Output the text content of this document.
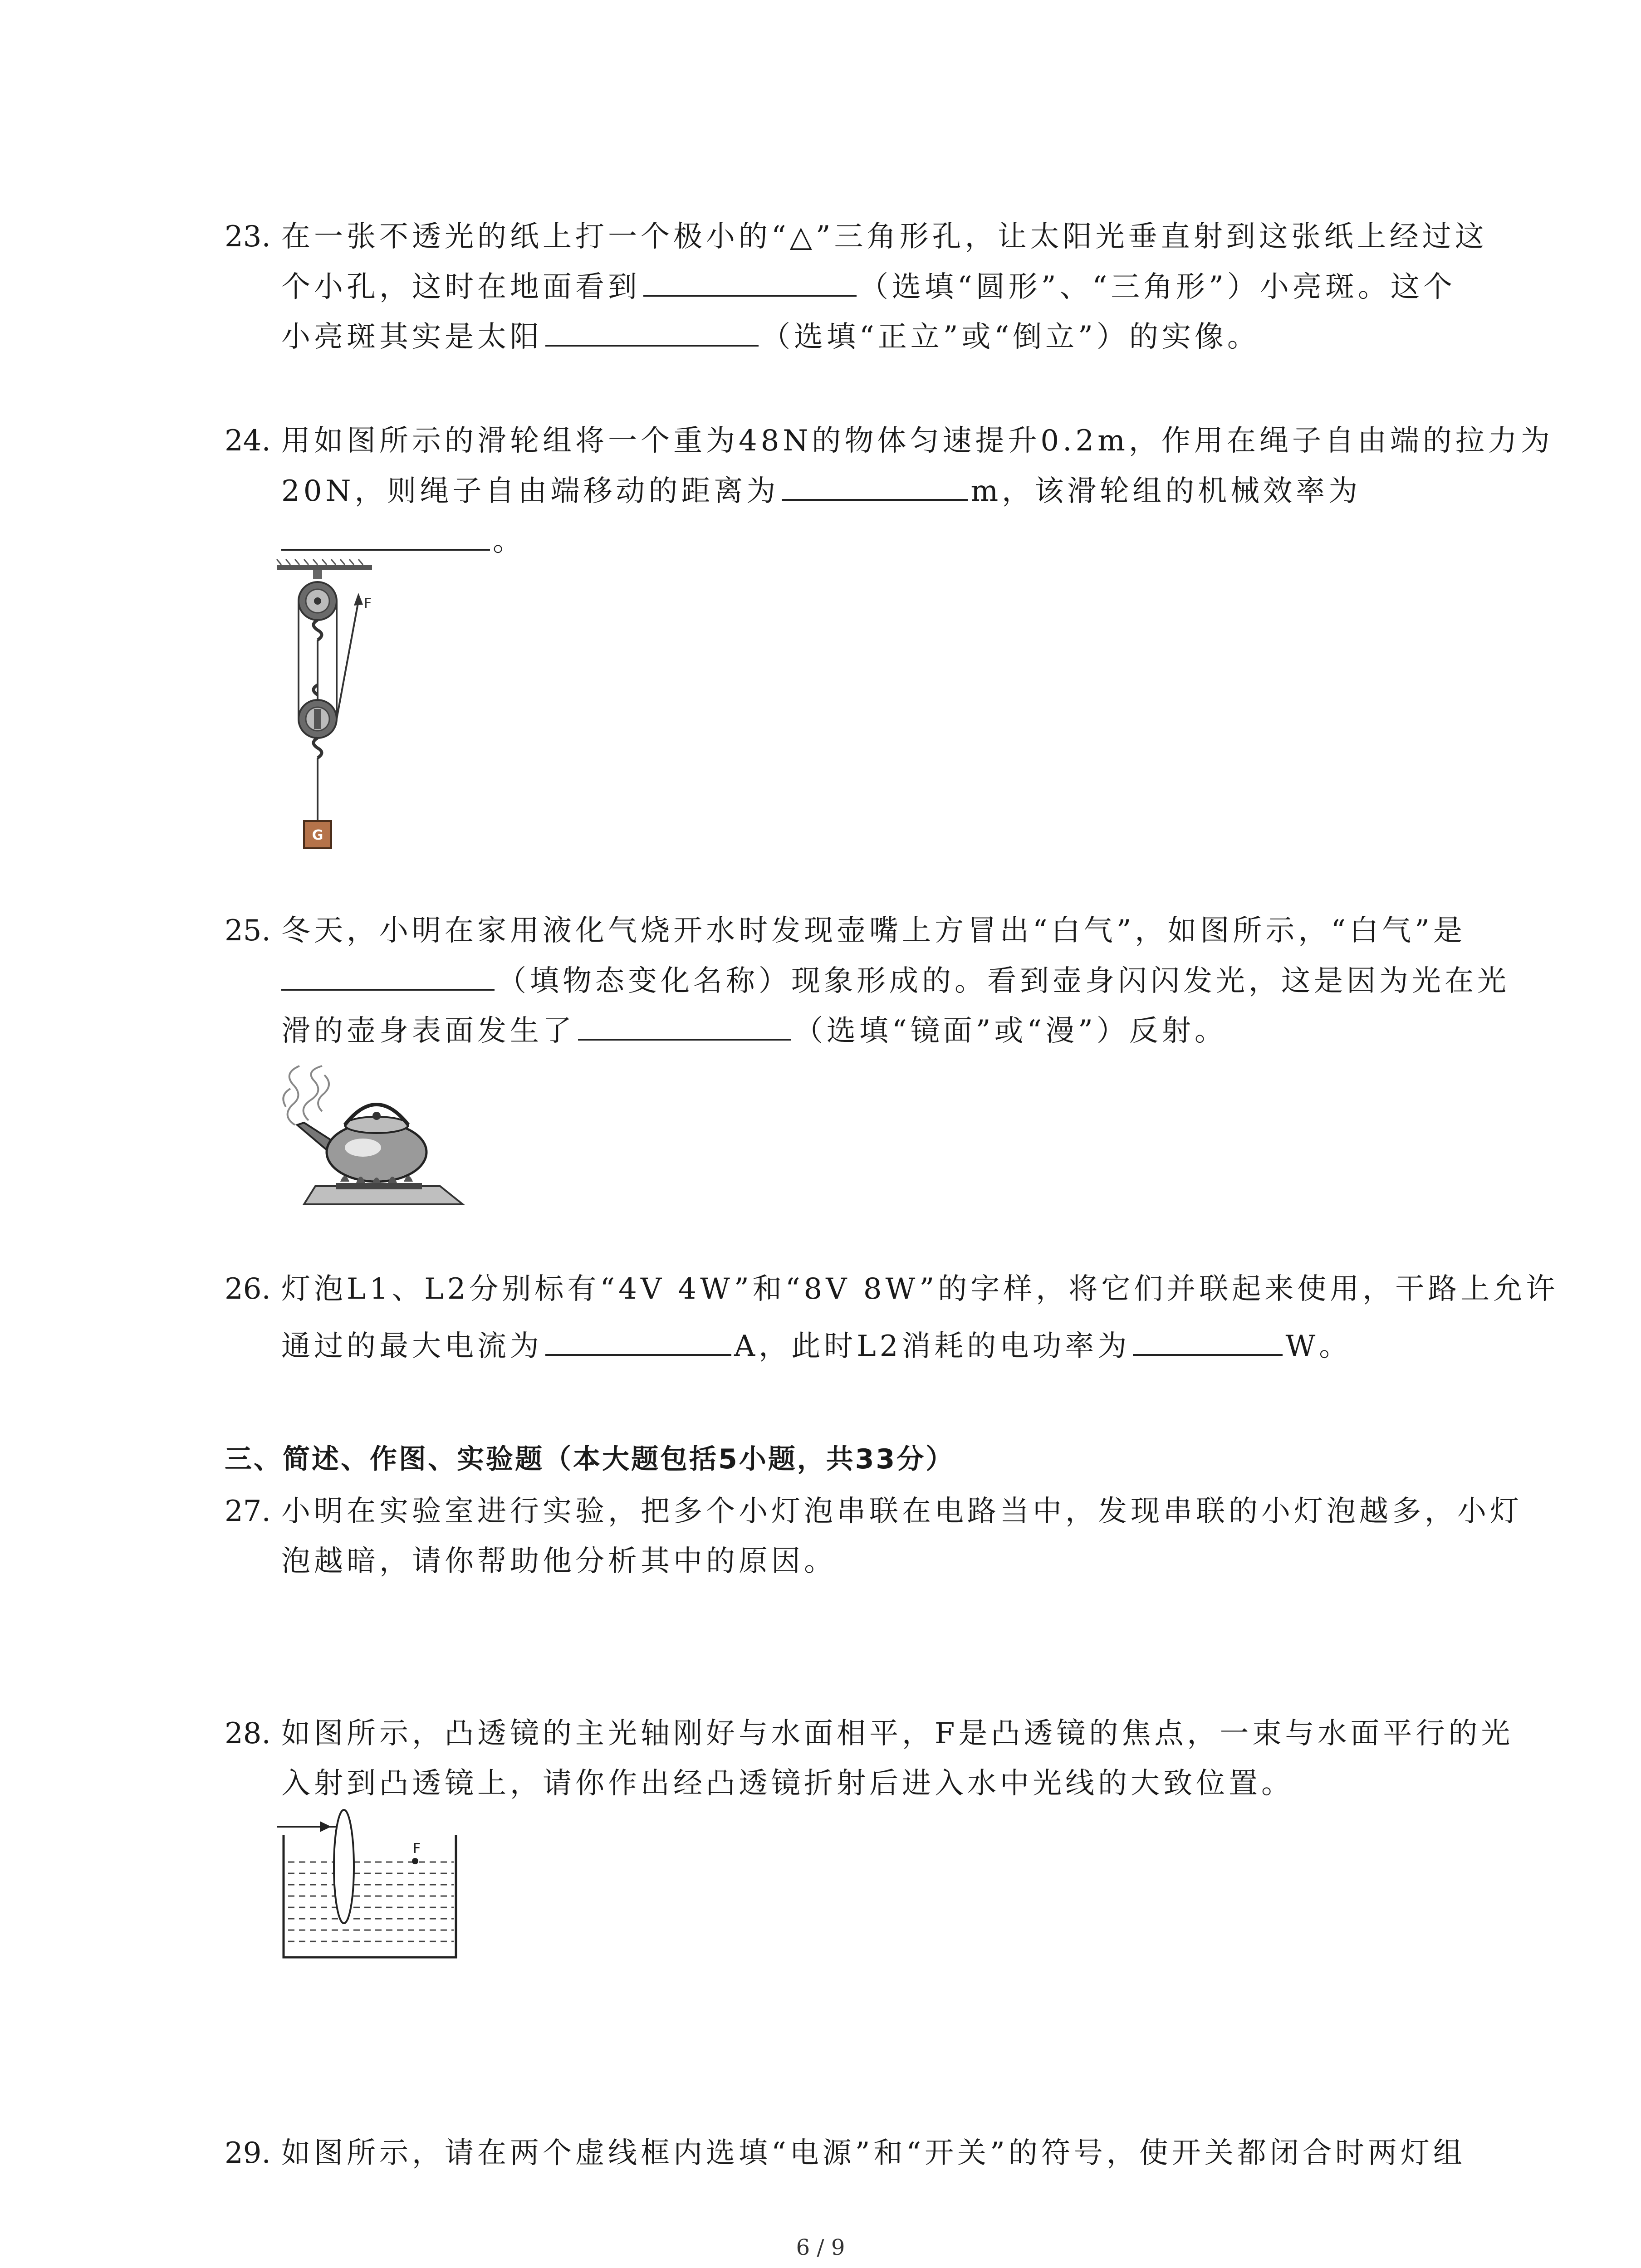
23. 在一张不透光的纸上打一个极小的“△”三角形孔，让太阳光垂直射到这张纸上经过这
个小孔，这时在地面看到	（选填“圆形”、“三角形”）小亮斑。这个
小亮斑其实是太阳	（选填“正立”或“倒立”）的实像。
24. 用如图所示的滑轮组将一个重为48N的物体匀速提升0.2m，作用在绳子自由端的拉力为
20N，则绳子自由端移动的距离为	m，该滑轮组的机械效率为
。
F
G
25. 冬天，小明在家用液化气烧开水时发现壶嘴上方冒出“白气”，如图所示，“白气”是
（填物态变化名称）现象形成的。看到壶身闪闪发光，这是因为光在光
滑的壶身表面发生了	（选填“镜面”或“漫”）反射。
26. 灯泡L1、L2分别标有“4V 4W”和“8V 8W”的字样，将它们并联起来使用，干路上允许
通过的最大电流为	A，此时L2消耗的电功率为	W。
三、简述、作图、实验题（本大题包括5小题，共33分）
27. 小明在实验室进行实验，把多个小灯泡串联在电路当中，发现串联的小灯泡越多，小灯
泡越暗，请你帮助他分析其中的原因。
28. 如图所示，凸透镜的主光轴刚好与水面相平，F是凸透镜的焦点，一束与水面平行的光
入射到凸透镜上，请你作出经凸透镜折射后进入水中光线的大致位置。
F
29. 如图所示，请在两个虚线框内选填“电源”和“开关”的符号，使开关都闭合时两灯组
6 / 9
